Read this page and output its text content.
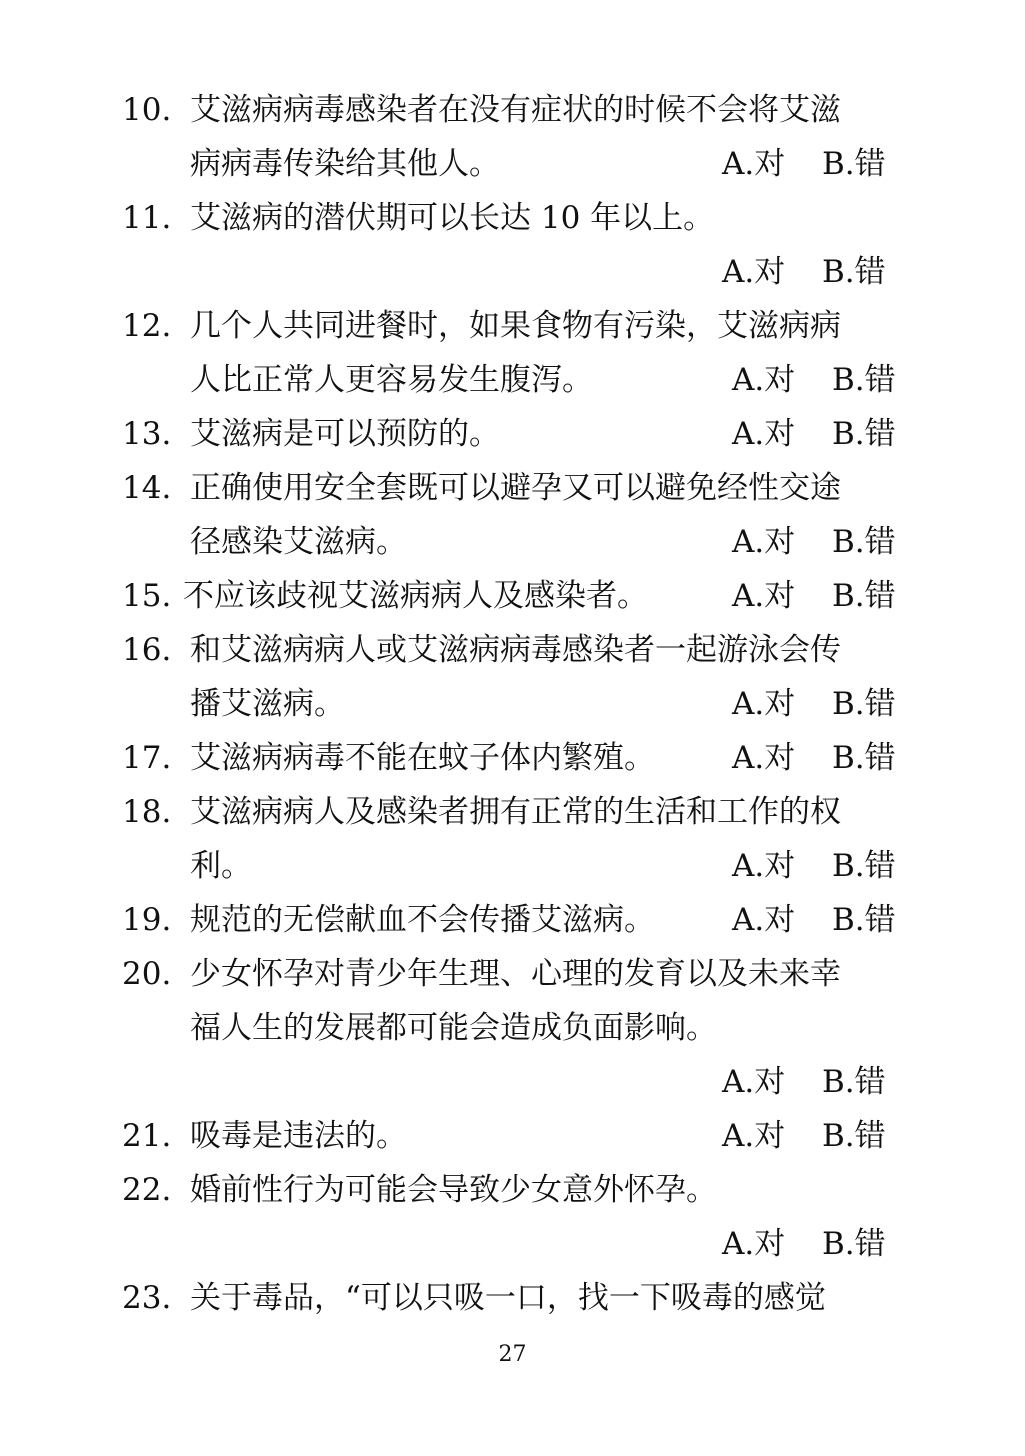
10. 艾滋病病毒感染者在没有症状的时候不会将艾滋
病病毒传染给其他人。	A.对 B.错
11. 艾滋病的潜伏期可以长达 10 年以上。
A.对 B.错
12. 几个人共同进餐时，如果食物有污染，艾滋病病
人比正常人更容易发生腹泻。	A.对 B.错
13. 艾滋病是可以预防的。	A.对 B.错
14. 正确使用安全套既可以避孕又可以避免经性交途
径感染艾滋病。	A.对 B.错
15. 不应该歧视艾滋病病人及感染者。	A.对 B.错
16. 和艾滋病病人或艾滋病病毒感染者一起游泳会传
播艾滋病。	A.对 B.错
17. 艾滋病病毒不能在蚊子体内繁殖。 A.对 B.错
18. 艾滋病病人及感染者拥有正常的生活和工作的权
利。	A.对 B.错
19. 规范的无偿献血不会传播艾滋病。 A.对 B.错
20. 少女怀孕对青少年生理、心理的发育以及未来幸
福人生的发展都可能会造成负面影响。
A.对 B.错
21. 吸毒是违法的。	A.对 B.错
22. 婚前性行为可能会导致少女意外怀孕。
A.对 B.错
23. 关于毒品，“可以只吸一口，找一下吸毒的感觉
27
